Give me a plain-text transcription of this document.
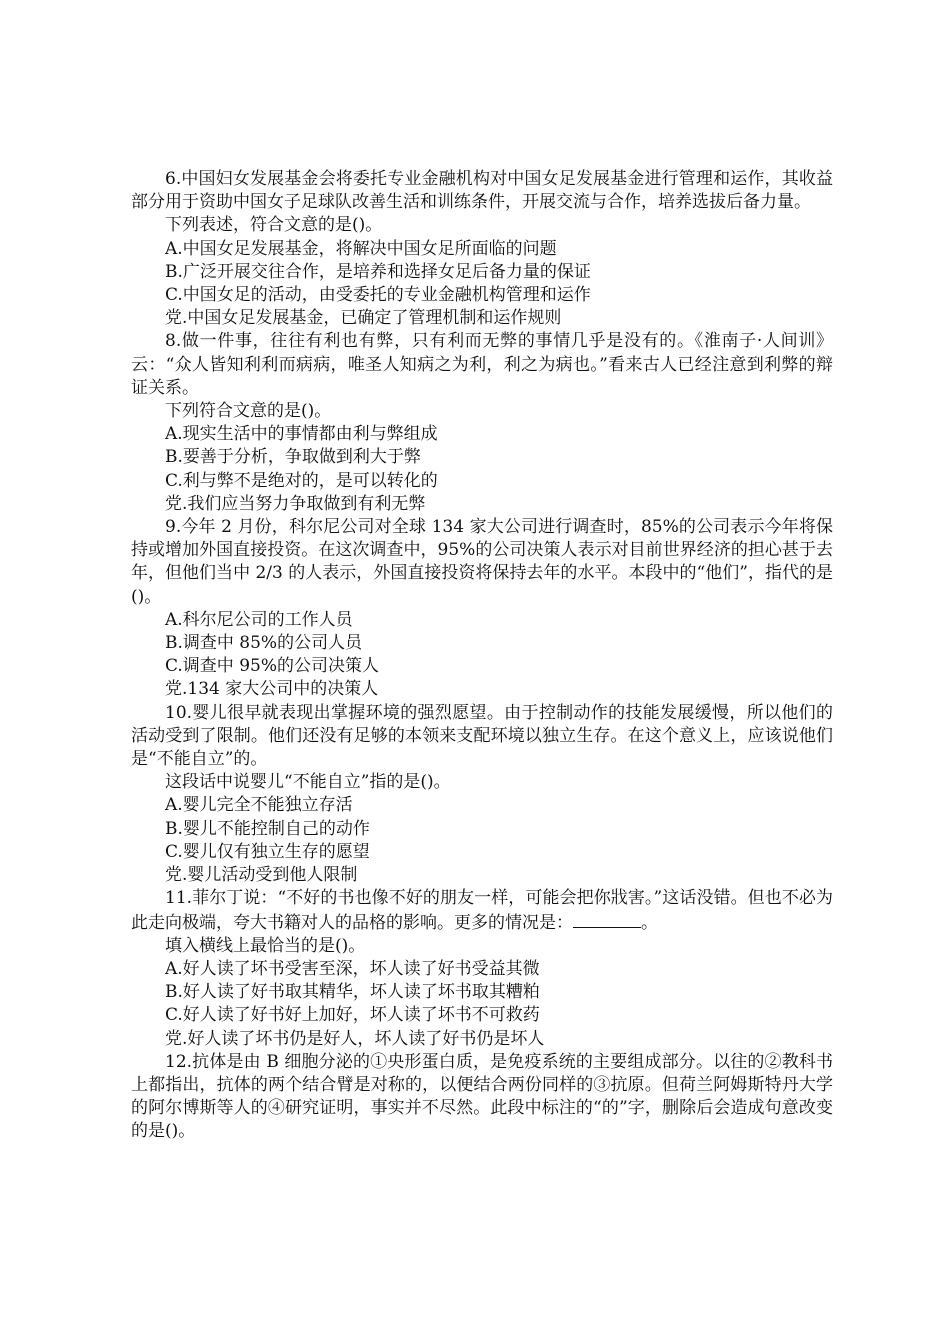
6.中国妇女发展基金会将委托专业金融机构对中国女足发展基金进行管理和运作，其收益部分用于资助中国女子足球队改善生活和训练条件，开展交流与合作，培养选拔后备力量。

下列表述，符合文意的是()。

A.中国女足发展基金，将解决中国女足所面临的问题

B.广泛开展交往合作，是培养和选择女足后备力量的保证

C.中国女足的活动，由受委托的专业金融机构管理和运作

党.中国女足发展基金，已确定了管理机制和运作规则

8.做一件事，往往有利也有弊，只有利而无弊的事情几乎是没有的。《淮南子·人间训》云：“众人皆知利利而病病，唯圣人知病之为利，利之为病也。”看来古人已经注意到利弊的辩证关系。

下列符合文意的是()。

A.现实生活中的事情都由利与弊组成

B.要善于分析，争取做到利大于弊

C.利与弊不是绝对的，是可以转化的

党.我们应当努力争取做到有利无弊

9.今年 2 月份，科尔尼公司对全球 134 家大公司进行调查时，85%的公司表示今年将保持或增加外国直接投资。在这次调查中，95%的公司决策人表示对目前世界经济的担心甚于去年，但他们当中 2/3 的人表示，外国直接投资将保持去年的水平。本段中的“他们”，指代的是()。

A.科尔尼公司的工作人员

B.调查中 85%的公司人员

C.调查中 95%的公司决策人

党.134 家大公司中的决策人

10.婴儿很早就表现出掌握环境的强烈愿望。由于控制动作的技能发展缓慢，所以他们的活动受到了限制。他们还没有足够的本领来支配环境以独立生存。在这个意义上，应该说他们是“不能自立”的。

这段话中说婴儿“不能自立”指的是()。

A.婴儿完全不能独立存活

B.婴儿不能控制自己的动作

C.婴儿仅有独立生存的愿望

党.婴儿活动受到他人限制

11.菲尔丁说：“不好的书也像不好的朋友一样，可能会把你戕害。”这话没错。但也不必为此走向极端，夸大书籍对人的品格的影响。更多的情况是：	。

填入横线上最恰当的是()。

A.好人读了坏书受害至深，坏人读了好书受益其微

B.好人读了好书取其精华，坏人读了坏书取其糟粕

C.好人读了好书好上加好，坏人读了坏书不可救药

党.好人读了坏书仍是好人，坏人读了好书仍是坏人

12.抗体是由 B 细胞分泌的①央形蛋白质，是免疫系统的主要组成部分。以往的②教科书上都指出，抗体的两个结合臂是对称的，以便结合两份同样的③抗原。但荷兰阿姆斯特丹大学的阿尔博斯等人的④研究证明，事实并不尽然。此段中标注的“的”字，删除后会造成句意改变的是()。
